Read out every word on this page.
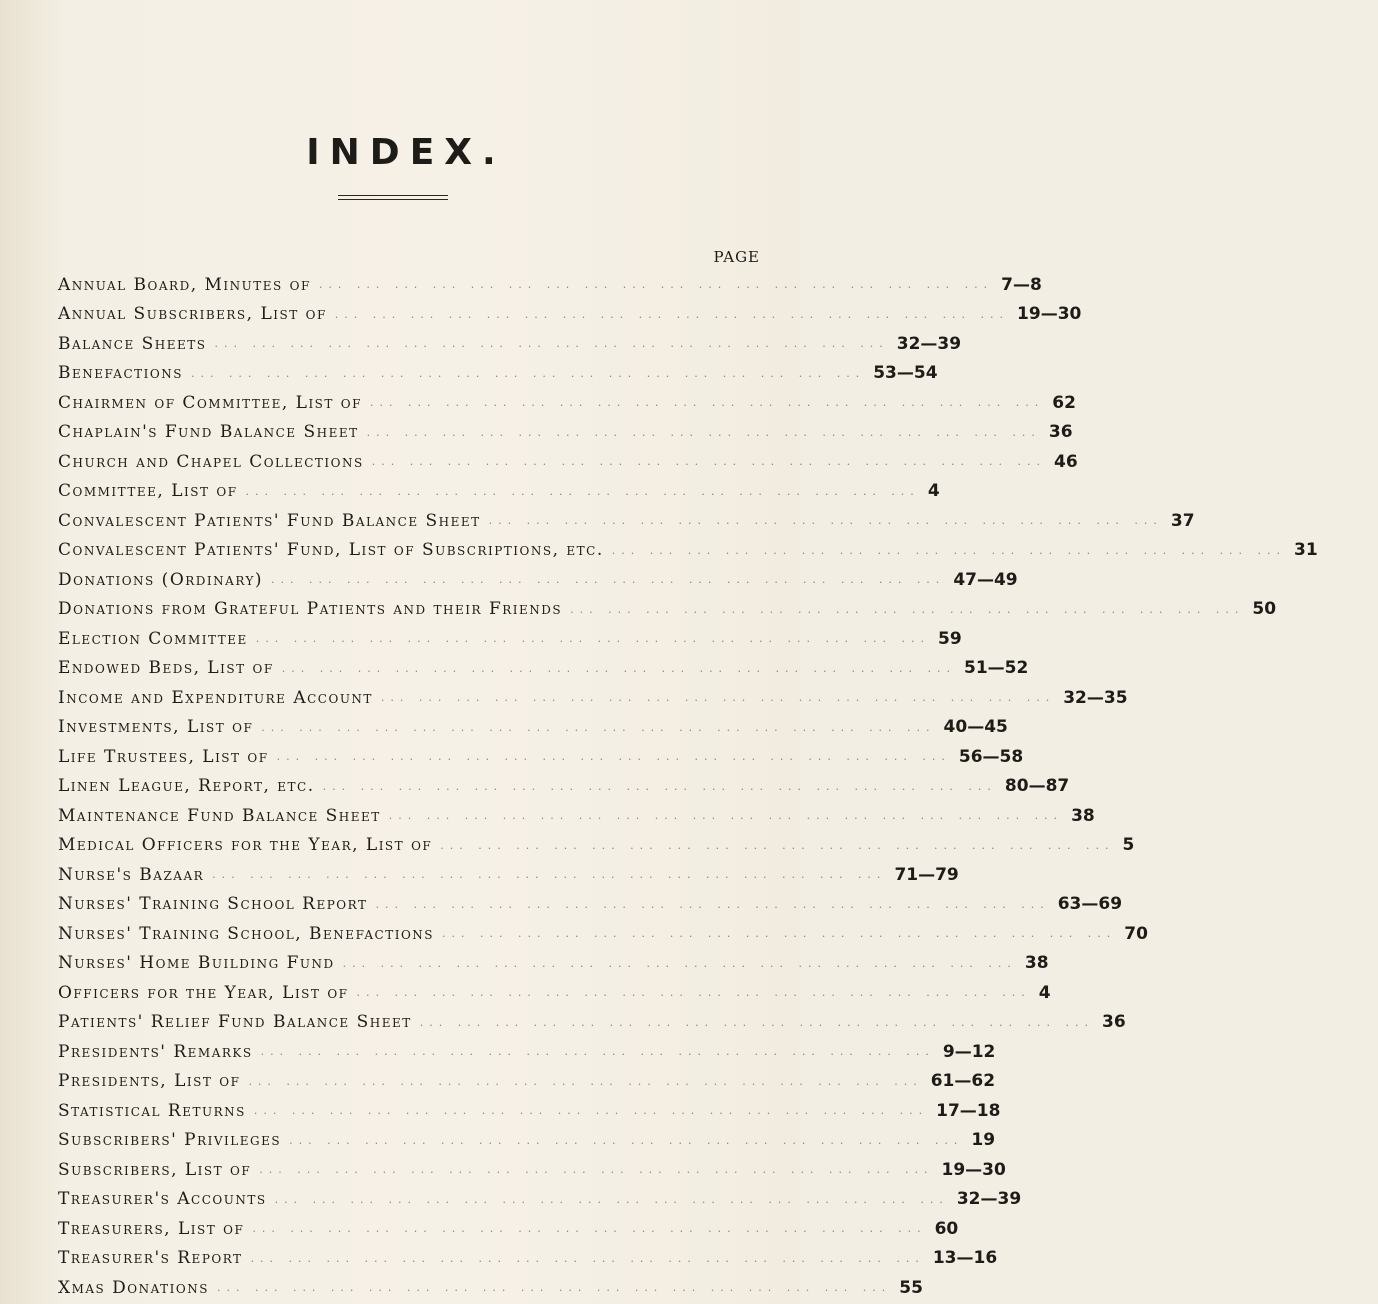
INDEX.
PAGE
Annual Board, Minutes of ... ... ... ... ... ... ... ... ... ... ... ... ... ... ... ... ... ... 7—8
Annual Subscribers, List of ... ... ... ... ... ... ... ... ... ... ... ... ... ... ... ... ... ... 19—30
Balance Sheets ... ... ... ... ... ... ... ... ... ... ... ... ... ... ... ... ... ... 32—39
Benefactions ... ... ... ... ... ... ... ... ... ... ... ... ... ... ... ... ... ... 53—54
Chairmen of Committee, List of ... ... ... ... ... ... ... ... ... ... ... ... ... ... ... ... ... ... 62
Chaplain's Fund Balance Sheet ... ... ... ... ... ... ... ... ... ... ... ... ... ... ... ... ... ... 36
Church and Chapel Collections ... ... ... ... ... ... ... ... ... ... ... ... ... ... ... ... ... ... 46
Committee, List of ... ... ... ... ... ... ... ... ... ... ... ... ... ... ... ... ... ... 4
Convalescent Patients' Fund Balance Sheet ... ... ... ... ... ... ... ... ... ... ... ... ... ... ... ... ... ... 37
Convalescent Patients' Fund, List of Subscriptions, etc. ... ... ... ... ... ... ... ... ... ... ... ... ... ... ... ... ... ... 31
Donations (Ordinary) ... ... ... ... ... ... ... ... ... ... ... ... ... ... ... ... ... ... 47—49
Donations from Grateful Patients and their Friends ... ... ... ... ... ... ... ... ... ... ... ... ... ... ... ... ... ... 50
Election Committee ... ... ... ... ... ... ... ... ... ... ... ... ... ... ... ... ... ... 59
Endowed Beds, List of ... ... ... ... ... ... ... ... ... ... ... ... ... ... ... ... ... ... 51—52
Income and Expenditure Account ... ... ... ... ... ... ... ... ... ... ... ... ... ... ... ... ... ... 32—35
Investments, List of ... ... ... ... ... ... ... ... ... ... ... ... ... ... ... ... ... ... 40—45
Life Trustees, List of ... ... ... ... ... ... ... ... ... ... ... ... ... ... ... ... ... ... 56—58
Linen League, Report, etc. ... ... ... ... ... ... ... ... ... ... ... ... ... ... ... ... ... ... 80—87
Maintenance Fund Balance Sheet ... ... ... ... ... ... ... ... ... ... ... ... ... ... ... ... ... ... 38
Medical Officers for the Year, List of ... ... ... ... ... ... ... ... ... ... ... ... ... ... ... ... ... ... 5
Nurse's Bazaar ... ... ... ... ... ... ... ... ... ... ... ... ... ... ... ... ... ... 71—79
Nurses' Training School Report ... ... ... ... ... ... ... ... ... ... ... ... ... ... ... ... ... ... 63—69
Nurses' Training School, Benefactions ... ... ... ... ... ... ... ... ... ... ... ... ... ... ... ... ... ... 70
Nurses' Home Building Fund ... ... ... ... ... ... ... ... ... ... ... ... ... ... ... ... ... ... 38
Officers for the Year, List of ... ... ... ... ... ... ... ... ... ... ... ... ... ... ... ... ... ... 4
Patients' Relief Fund Balance Sheet ... ... ... ... ... ... ... ... ... ... ... ... ... ... ... ... ... ... 36
Presidents' Remarks ... ... ... ... ... ... ... ... ... ... ... ... ... ... ... ... ... ... 9—12
Presidents, List of ... ... ... ... ... ... ... ... ... ... ... ... ... ... ... ... ... ... 61—62
Statistical Returns ... ... ... ... ... ... ... ... ... ... ... ... ... ... ... ... ... ... 17—18
Subscribers' Privileges ... ... ... ... ... ... ... ... ... ... ... ... ... ... ... ... ... ... 19
Subscribers, List of ... ... ... ... ... ... ... ... ... ... ... ... ... ... ... ... ... ... 19—30
Treasurer's Accounts ... ... ... ... ... ... ... ... ... ... ... ... ... ... ... ... ... ... 32—39
Treasurers, List of ... ... ... ... ... ... ... ... ... ... ... ... ... ... ... ... ... ... 60
Treasurer's Report ... ... ... ... ... ... ... ... ... ... ... ... ... ... ... ... ... ... 13—16
Xmas Donations ... ... ... ... ... ... ... ... ... ... ... ... ... ... ... ... ... ... 55
